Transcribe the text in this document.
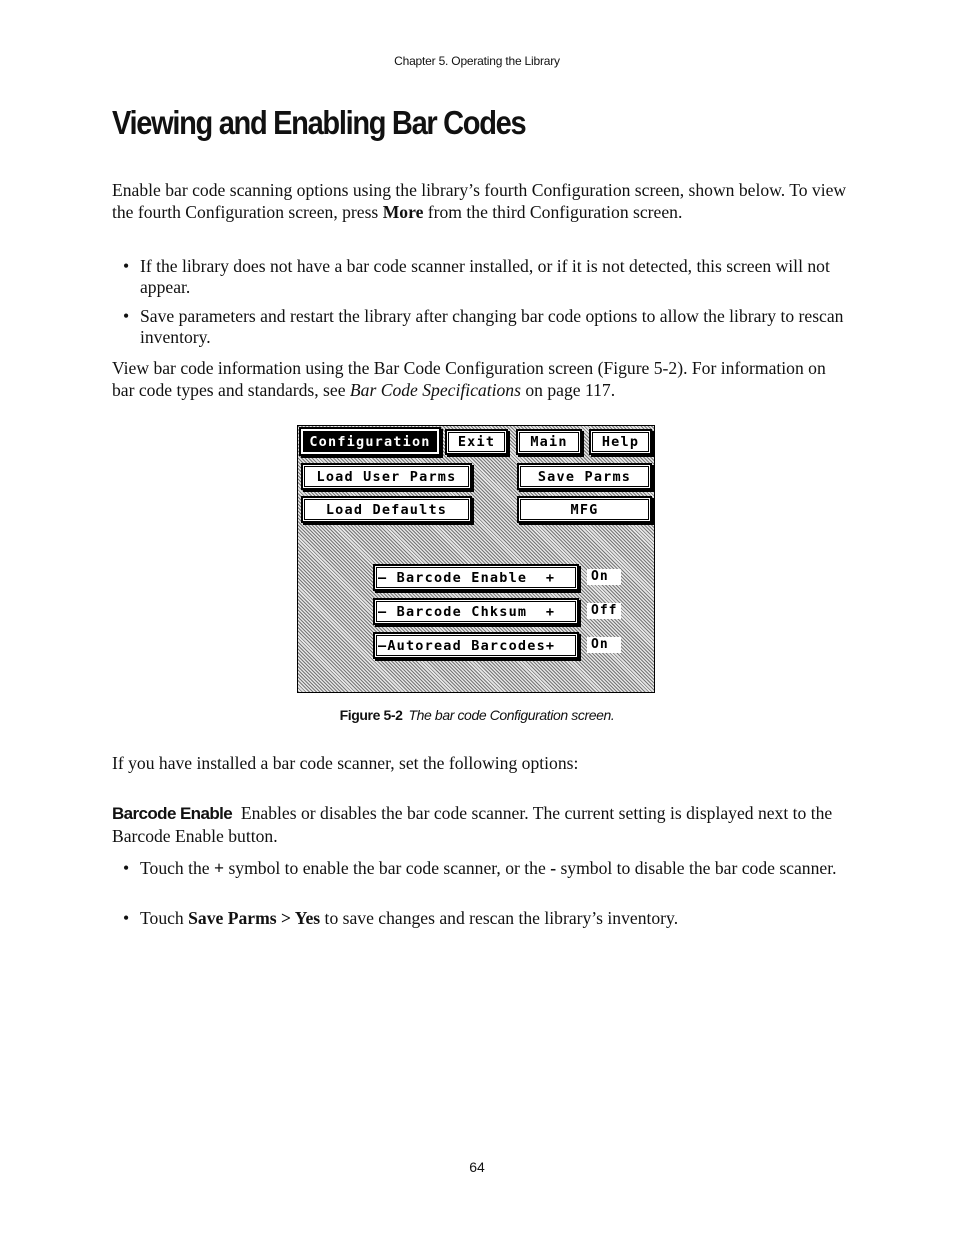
Chapter 5. Operating the Library
Viewing and Enabling Bar Codes
Enable bar code scanning options using the library’s fourth Configuration screen, shown below. To view the fourth Configuration screen, press More from the third Configuration screen.
• If the library does not have a bar code scanner installed, or if it is not detected, this screen will not appear.
• Save parameters and restart the library after changing bar code options to allow the library to rescan inventory.
View bar code information using the Bar Code Configuration screen (Figure 5-2). For information on bar code types and standards, see Bar Code Specifications on page 117.
Configuration	Exit	Main	Help
Load User Parms	Save Parms
Load Defaults	MFG
– Barcode Enable  +	On
– Barcode Chksum  +	Off
–Autoread Barcodes+	On
Figure 5-2 The bar code Configuration screen.
If you have installed a bar code scanner, set the following options:
Barcode Enable Enables or disables the bar code scanner. The current setting is displayed next to the Barcode Enable button.
• Touch the + symbol to enable the bar code scanner, or the - symbol to disable the bar code scanner.
• Touch Save Parms > Yes to save changes and rescan the library’s inventory.
64
